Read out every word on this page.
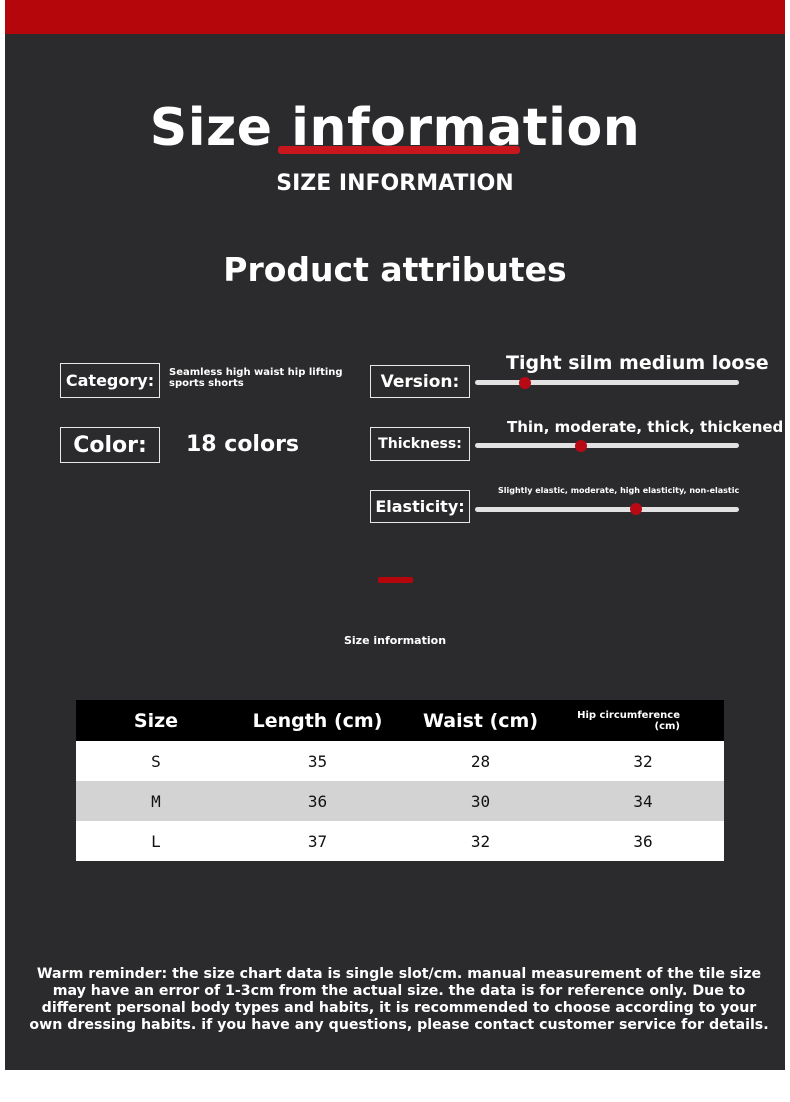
Size information
SIZE INFORMATION
Product attributes
Category:	Seamless high waist hip lifting sports shorts
Color:	18 colors
Version:
Tight silm medium loose
Thickness:
Thin, moderate, thick, thickened
Elasticity:
Slightly elastic, moderate, high elasticity, non-elastic
Size information
Size	Length (cm)	Waist (cm)	Hip circumference (cm)
S	35	28	32
M	36	30	34
L	37	32	36
Warm reminder: the size chart data is single slot/cm. manual measurement of the tile size may have an error of 1-3cm from the actual size. the data is for reference only. Due to different personal body types and habits, it is recommended to choose according to your own dressing habits. if you have any questions, please contact customer service for details.
